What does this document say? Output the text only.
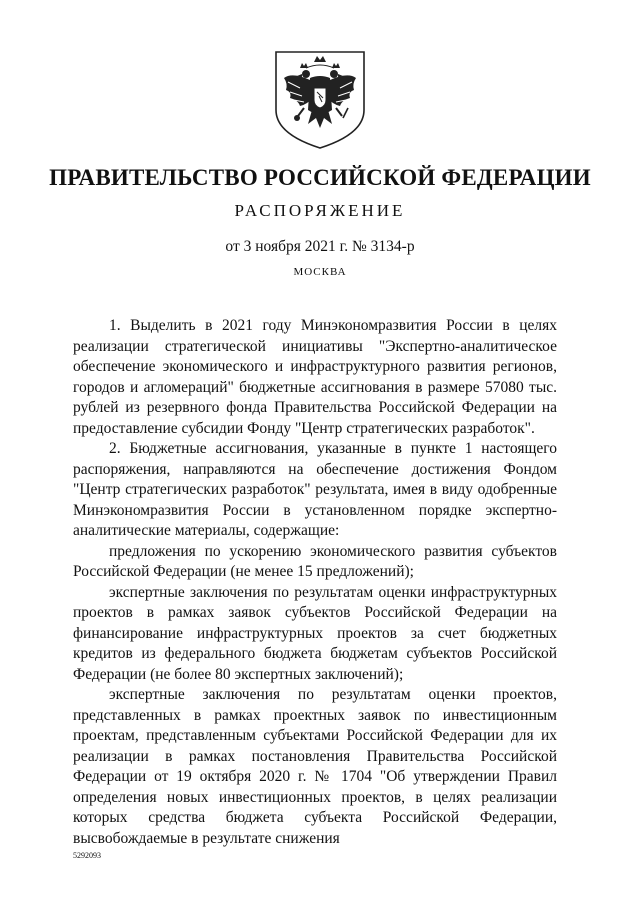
ПРАВИТЕЛЬСТВО РОССИЙСКОЙ ФЕДЕРАЦИИ
РАСПОРЯЖЕНИЕ
от 3 ноября 2021 г. № 3134-р
МОСКВА

1. Выделить в 2021 году Минэкономразвития России в целях реализации стратегической инициативы "Экспертно-аналитическое обеспечение экономического и инфраструктурного развития регионов, городов и агломераций" бюджетные ассигнования в размере 57080 тыс. рублей из резервного фонда Правительства Российской Федерации на предоставление субсидии Фонду "Центр стратегических разработок".

2. Бюджетные ассигнования, указанные в пункте 1 настоящего распоряжения, направляются на обеспечение достижения Фондом "Центр стратегических разработок" результата, имея в виду одобренные Минэкономразвития России в установленном порядке экспертно-аналитические материалы, содержащие:

предложения по ускорению экономического развития субъектов Российской Федерации (не менее 15 предложений);

экспертные заключения по результатам оценки инфраструктурных проектов в рамках заявок субъектов Российской Федерации на финансирование инфраструктурных проектов за счет бюджетных кредитов из федерального бюджета бюджетам субъектов Российской Федерации (не более 80 экспертных заключений);

экспертные заключения по результатам оценки проектов, представленных в рамках проектных заявок по инвестиционным проектам, представленным субъектами Российской Федерации для их реализации в рамках постановления Правительства Российской Федерации от 19 октября 2020 г. № 1704 "Об утверждении Правил определения новых инвестиционных проектов, в целях реализации которых средства бюджета субъекта Российской Федерации, высвобождаемые в результате снижения

5292093
